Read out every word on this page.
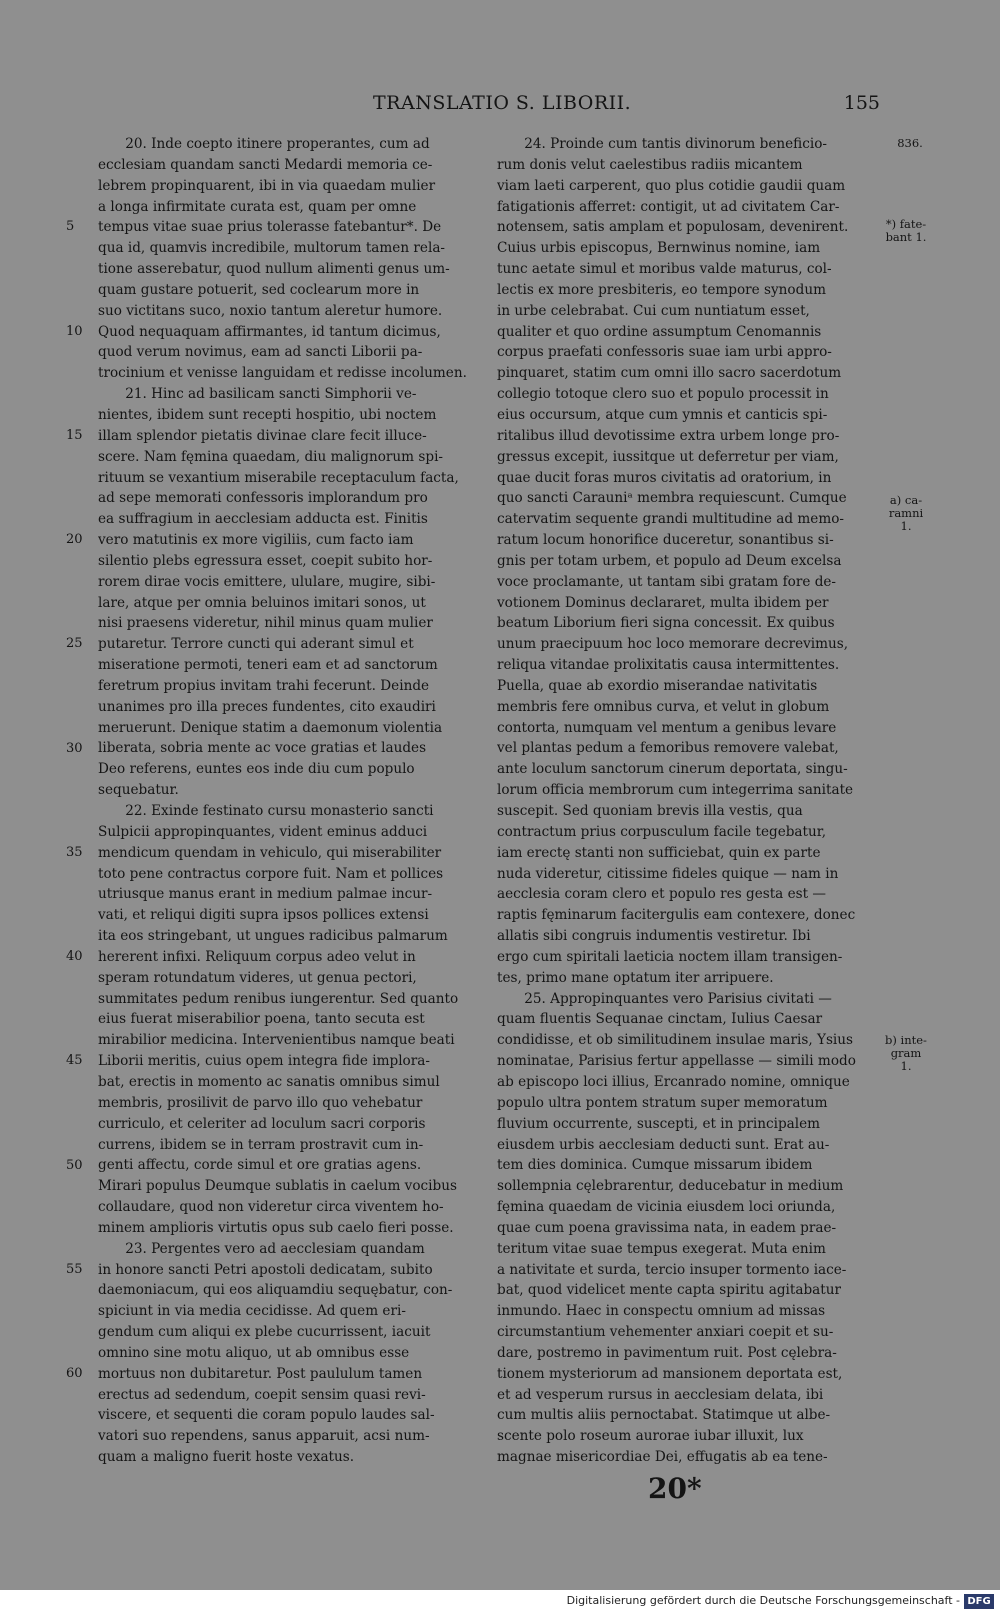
TRANSLATIO S. LIBORII.	155
  20. Inde coepto itinere properantes, cum ad
ecclesiam quandam sancti Medardi memoria ce-
lebrem propinquarent, ibi in via quaedam mulier
a longa infirmitate curata est, quam per omne
tempus vitae suae prius tolerasse fatebantur*. De
qua id, quamvis incredibile, multorum tamen rela-
tione asserebatur, quod nullum alimenti genus um-
quam gustare potuerit, sed coclearum more in
suo victitans suco, noxio tantum aleretur humore.
Quod nequaquam affirmantes, id tantum dicimus,
quod verum novimus, eam ad sancti Liborii pa-
trocinium et venisse languidam et redisse incolumen.
  21. Hinc ad basilicam sancti Simphorii ve-
nientes, ibidem sunt recepti hospitio, ubi noctem
illam splendor pietatis divinae clare fecit illuce-
scere. Nam fęmina quaedam, diu malignorum spi-
rituum se vexantium miserabile receptaculum facta,
ad sepe memorati confessoris implorandum pro
ea suffragium in aecclesiam adducta est. Finitis
vero matutinis ex more vigiliis, cum facto iam
silentio plebs egressura esset, coepit subito hor-
rorem dirae vocis emittere, ululare, mugire, sibi-
lare, atque per omnia beluinos imitari sonos, ut
nisi praesens videretur, nihil minus quam mulier
putaretur. Terrore cuncti qui aderant simul et
miseratione permoti, teneri eam et ad sanctorum
feretrum propius invitam trahi fecerunt. Deinde
unanimes pro illa preces fundentes, cito exaudiri
meruerunt. Denique statim a daemonum violentia
liberata, sobria mente ac voce gratias et laudes
Deo referens, euntes eos inde diu cum populo
sequebatur.
  22. Exinde festinato cursu monasterio sancti
Sulpicii appropinquantes, vident eminus adduci
mendicum quendam in vehiculo, qui miserabiliter
toto pene contractus corpore fuit. Nam et pollices
utriusque manus erant in medium palmae incur-
vati, et reliqui digiti supra ipsos pollices extensi
ita eos stringebant, ut ungues radicibus palmarum
hererent infixi. Reliquum corpus adeo velut in
speram rotundatum videres, ut genua pectori,
summitates pedum renibus iungerentur. Sed quanto
eius fuerat miserabilior poena, tanto secuta est
mirabilior medicina. Intervenientibus namque beati
Liborii meritis, cuius opem integra fide implora-
bat, erectis in momento ac sanatis omnibus simul
membris, prosilivit de parvo illo quo vehebatur
curriculo, et celeriter ad loculum sacri corporis
currens, ibidem se in terram prostravit cum in-
genti affectu, corde simul et ore gratias agens.
Mirari populus Deumque sublatis in caelum vocibus
collaudare, quod non videretur circa viventem ho-
minem amplioris virtutis opus sub caelo fieri posse.
  23. Pergentes vero ad aecclesiam quandam
in honore sancti Petri apostoli dedicatam, subito
daemoniacum, qui eos aliquamdiu sequębatur, con-
spiciunt in via media cecidisse. Ad quem eri-
gendum cum aliqui ex plebe cucurrissent, iacuit
omnino sine motu aliquo, ut ab omnibus esse
mortuus non dubitaretur. Post paululum tamen
erectus ad sedendum, coepit sensim quasi revi-
viscere, et sequenti die coram populo laudes sal-
vatori suo rependens, sanus apparuit, acsi num-
quam a maligno fuerit hoste vexatus.
  24. Proinde cum tantis divinorum beneficio-
rum donis velut caelestibus radiis micantem
viam laeti carperent, quo plus cotidie gaudii quam
fatigationis afferret: contigit, ut ad civitatem Car-
notensem, satis amplam et populosam, devenirent.
Cuius urbis episcopus, Bernwinus nomine, iam
tunc aetate simul et moribus valde maturus, col-
lectis ex more presbiteris, eo tempore synodum
in urbe celebrabat. Cui cum nuntiatum esset,
qualiter et quo ordine assumptum Cenomannis
corpus praefati confessoris suae iam urbi appro-
pinquaret, statim cum omni illo sacro sacerdotum
collegio totoque clero suo et populo processit in
eius occursum, atque cum ymnis et canticis spi-
ritalibus illud devotissime extra urbem longe pro-
gressus excepit, iussitque ut deferretur per viam,
quae ducit foras muros civitatis ad oratorium, in
quo sancti Carauniᵃ membra requiescunt. Cumque
catervatim sequente grandi multitudine ad memo-
ratum locum honorifice duceretur, sonantibus si-
gnis per totam urbem, et populo ad Deum excelsa
voce proclamante, ut tantam sibi gratam fore de-
votionem Dominus declararet, multa ibidem per
beatum Liborium fieri signa concessit. Ex quibus
unum praecipuum hoc loco memorare decrevimus,
reliqua vitandae prolixitatis causa intermittentes.
Puella, quae ab exordio miserandae nativitatis
membris fere omnibus curva, et velut in globum
contorta, numquam vel mentum a genibus levare
vel plantas pedum a femoribus removere valebat,
ante loculum sanctorum cinerum deportata, singu-
lorum officia membrorum cum integerrima sanitate
suscepit. Sed quoniam brevis illa vestis, qua
contractum prius corpusculum facile tegebatur,
iam erectę stanti non sufficiebat, quin ex parte
nuda videretur, citissime fideles quique — nam in
aecclesia coram clero et populo res gesta est —
raptis fęminarum facitergulis eam contexere, donec
allatis sibi congruis indumentis vestiretur. Ibi
ergo cum spiritali laeticia noctem illam transigen-
tes, primo mane optatum iter arripuere.
  25. Appropinquantes vero Parisius civitati —
quam fluentis Sequanae cinctam, Iulius Caesar
condidisse, et ob similitudinem insulae maris, Ysius
nominatae, Parisius fertur appellasse — simili modo
ab episcopo loci illius, Ercanrado nomine, omnique
populo ultra pontem stratum super memoratum
fluvium occurrente, suscepti, et in principalem
eiusdem urbis aecclesiam deducti sunt. Erat au-
tem dies dominica. Cumque missarum ibidem
sollempnia cęlebrarentur, deducebatur in medium
fęmina quaedam de vicinia eiusdem loci oriunda,
quae cum poena gravissima nata, in eadem prae-
teritum vitae suae tempus exegerat. Muta enim
a nativitate et surda, tercio insuper tormento iace-
bat, quod videlicet mente capta spiritu agitabatur
inmundo. Haec in conspectu omnium ad missas
circumstantium vehementer anxiari coepit et su-
dare, postremo in pavimentum ruit. Post cęlebra-
tionem mysteriorum ad mansionem deportata est,
et ad vesperum rursus in aecclesiam delata, ibi
cum multis aliis pernoctabat. Statimque ut albe-
scente polo roseum aurorae iubar illuxit, lux
magnae misericordiae Dei, effugatis ab ea tene-
5
10
15
20
25
30
35
40
45
50
55
60
836.
*) fate-
bant 1.
a) ca-
ramni
1.
b) inte-
gram
1.
20*
Digitalisierung gefördert durch die Deutsche Forschungsgemeinschaft - DFG
